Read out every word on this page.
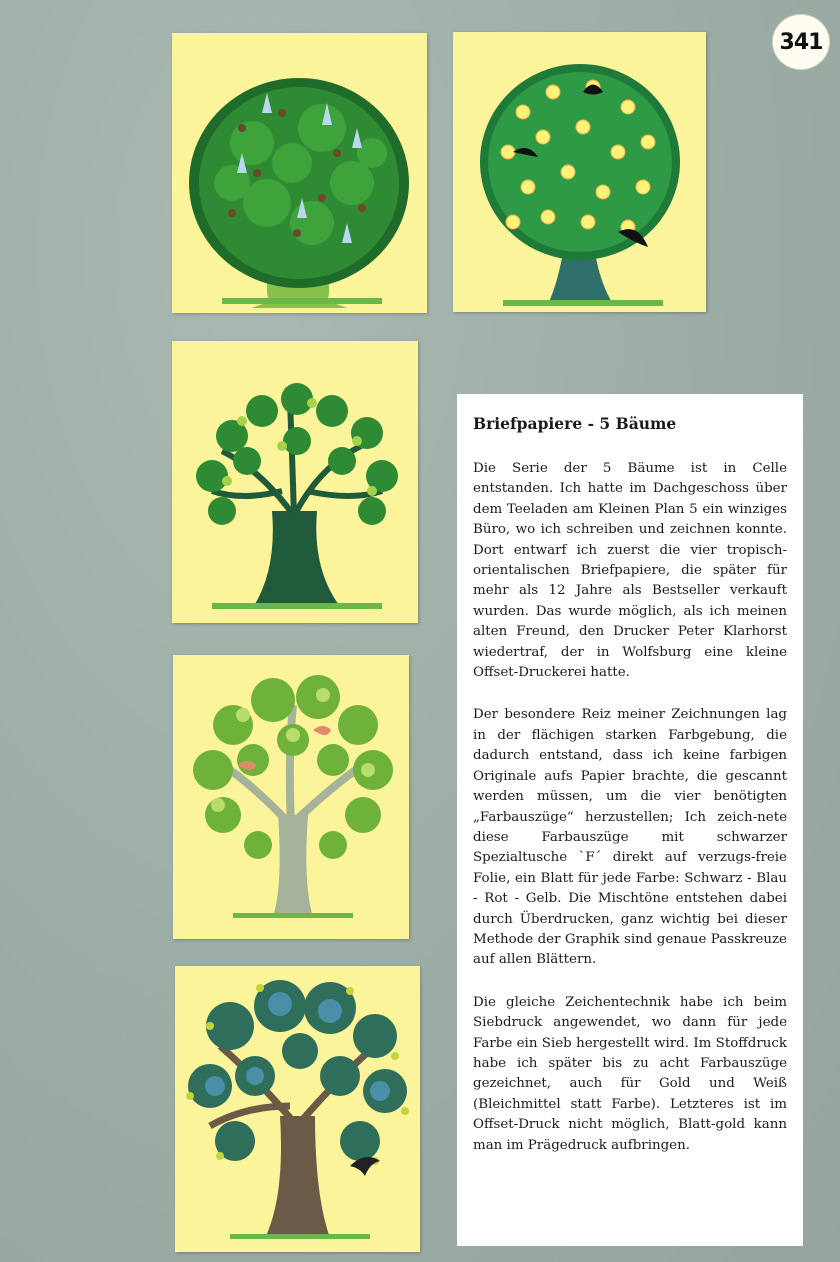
341
Briefpapiere - 5 Bäume

Die Serie der 5 Bäume ist in Celle entstanden. Ich hatte im Dachgeschoss über dem Teeladen am Kleinen Plan 5 ein winziges Büro, wo ich schreiben und zeichnen konnte. Dort entwarf ich zuerst die vier tropisch-orientalischen Briefpapiere, die später für mehr als 12 Jahre als Bestseller verkauft wurden. Das wurde möglich, als ich meinen alten Freund, den Drucker Peter Klarhorst wiedertraf, der in Wolfsburg eine kleine Offset-Druckerei hatte.

Der besondere Reiz meiner Zeichnungen lag in der flächigen starken Farbgebung, die dadurch entstand, dass ich keine farbigen Originale aufs Papier brachte, die gescannt werden müssen, um die vier benötigten „Farbauszüge“ herzustellen; Ich zeich-nete diese Farbauszüge mit schwarzer Spezialtusche `F´ direkt auf verzugs-freie Folie, ein Blatt für jede Farbe: Schwarz - Blau - Rot - Gelb. Die Mischtöne entstehen dabei durch Überdrucken, ganz wichtig bei dieser Methode der Graphik sind genaue Passkreuze auf allen Blättern.

Die gleiche Zeichentechnik habe ich beim Siebdruck angewendet, wo dann für jede Farbe ein Sieb hergestellt wird. Im Stoffdruck habe ich später bis zu acht Farbauszüge gezeichnet, auch für Gold und Weiß (Bleichmittel statt Farbe). Letzteres ist im Offset-Druck nicht möglich, Blatt-gold kann man im Prägedruck aufbringen.
